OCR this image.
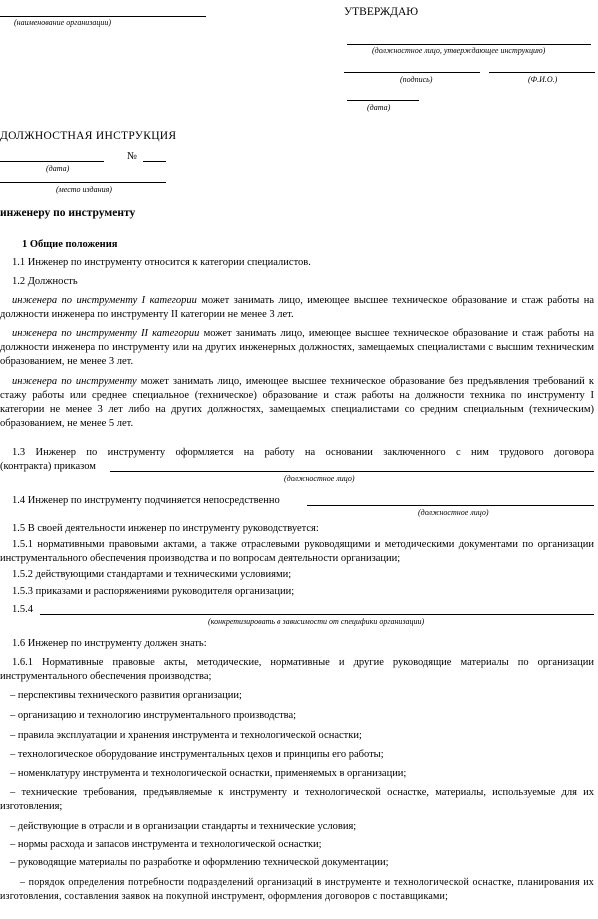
(наименование организации)
УТВЕРЖДАЮ
(должностное лицо, утверждающее инструкцию)
(подпись)	(Ф.И.О.)
(дата)
ДОЛЖНОСТНАЯ ИНСТРУКЦИЯ
№
(дата)
(место издания)
инженеру по инструменту
1 Общие положения
1.1 Инженер по инструменту относится к категории специалистов.
1.2 Должность
инженера по инструменту I категории может занимать лицо, имеющее высшее техническое образование и стаж работы на должности инженера по инструменту II категории не менее 3 лет.
инженера по инструменту II категории может занимать лицо, имеющее высшее техническое образование и стаж работы на должности инженера по инструменту или на других инженерных должностях, замещаемых специалистами с высшим техническим образованием, не менее 3 лет.
инженера по инструменту может занимать лицо, имеющее высшее техническое образование без предъявления требований к стажу работы или среднее специальное (техническое) образование и стаж работы на должности техника по инструменту I категории не менее 3 лет либо на других должностях, замещаемых специалистами со средним специальным (техническим) образованием, не менее 5 лет.
1.3 Инженер по инструменту оформляется на работу на основании заключенного с ним трудового договора
(контракта) приказом
(должностное лицо)
1.4 Инженер по инструменту подчиняется непосредственно
(должностное лицо)
1.5 В своей деятельности инженер по инструменту руководствуется:
1.5.1 нормативными правовыми актами, а также отраслевыми руководящими и методическими документами по организации инструментального обеспечения производства и по вопросам деятельности организации;
1.5.2 действующими стандартами и техническими условиями;
1.5.3 приказами и распоряжениями руководителя организации;
1.5.4
(конкретизировать в зависимости от специфики организации)
1.6 Инженер по инструменту должен знать:
1.6.1 Нормативные правовые акты, методические, нормативные и другие руководящие материалы по организации инструментального обеспечения производства;
– перспективы технического развития организации;
– организацию и технологию инструментального производства;
– правила эксплуатации и хранения инструмента и технологической оснастки;
– технологическое оборудование инструментальных цехов и принципы его работы;
– номенклатуру инструмента и технологической оснастки, применяемых в организации;
– технические требования, предъявляемые к инструменту и технологической оснастке, материалы, используемые для их изготовления;
– действующие в отрасли и в организации стандарты и технические условия;
– нормы расхода и запасов инструмента и технологической оснастки;
– руководящие материалы по разработке и оформлению технической документации;
– порядок определения потребности подразделений организаций в инструменте и технологической оснастке, планирования их изготовления, составления заявок на покупной инструмент, оформления договоров с поставщиками;
